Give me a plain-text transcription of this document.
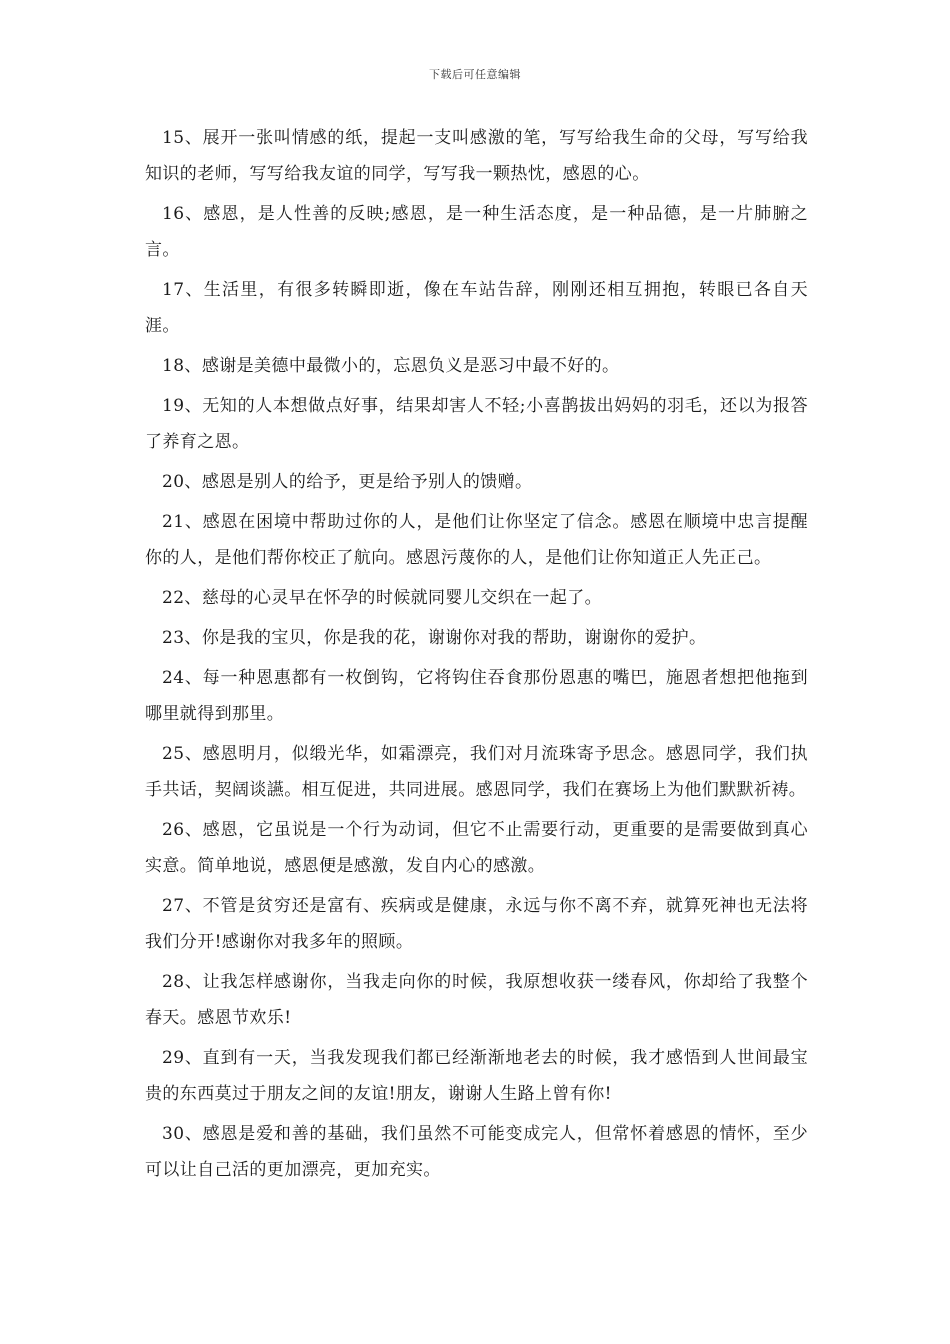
下载后可任意编辑

15、展开一张叫情感的纸，提起一支叫感激的笔，写写给我生命的父母，写写给我知识的老师，写写给我友谊的同学，写写我一颗热忱，感恩的心。

16、感恩，是人性善的反映;感恩，是一种生活态度，是一种品德，是一片肺腑之言。

17、生活里，有很多转瞬即逝，像在车站告辞，刚刚还相互拥抱，转眼已各自天涯。

18、感谢是美德中最微小的，忘恩负义是恶习中最不好的。

19、无知的人本想做点好事，结果却害人不轻;小喜鹊拔出妈妈的羽毛，还以为报答了养育之恩。

20、感恩是别人的给予，更是给予别人的馈赠。

21、感恩在困境中帮助过你的人，是他们让你坚定了信念。感恩在顺境中忠言提醒你的人，是他们帮你校正了航向。感恩污蔑你的人，是他们让你知道正人先正己。

22、慈母的心灵早在怀孕的时候就同婴儿交织在一起了。

23、你是我的宝贝，你是我的花，谢谢你对我的帮助，谢谢你的爱护。

24、每一种恩惠都有一枚倒钩，它将钩住吞食那份恩惠的嘴巴，施恩者想把他拖到哪里就得到那里。

25、感恩明月，似缎光华，如霜漂亮，我们对月流珠寄予思念。感恩同学，我们执手共话，契阔谈讌。相互促进，共同进展。感恩同学，我们在赛场上为他们默默祈祷。

26、感恩，它虽说是一个行为动词，但它不止需要行动，更重要的是需要做到真心实意。简单地说，感恩便是感激，发自内心的感激。

27、不管是贫穷还是富有、疾病或是健康，永远与你不离不弃，就算死神也无法将我们分开!感谢你对我多年的照顾。

28、让我怎样感谢你，当我走向你的时候，我原想收获一缕春风，你却给了我整个春天。感恩节欢乐!

29、直到有一天，当我发现我们都已经渐渐地老去的时候，我才感悟到人世间最宝贵的东西莫过于朋友之间的友谊!朋友，谢谢人生路上曾有你!

30、感恩是爱和善的基础，我们虽然不可能变成完人，但常怀着感恩的情怀，至少可以让自己活的更加漂亮，更加充实。
